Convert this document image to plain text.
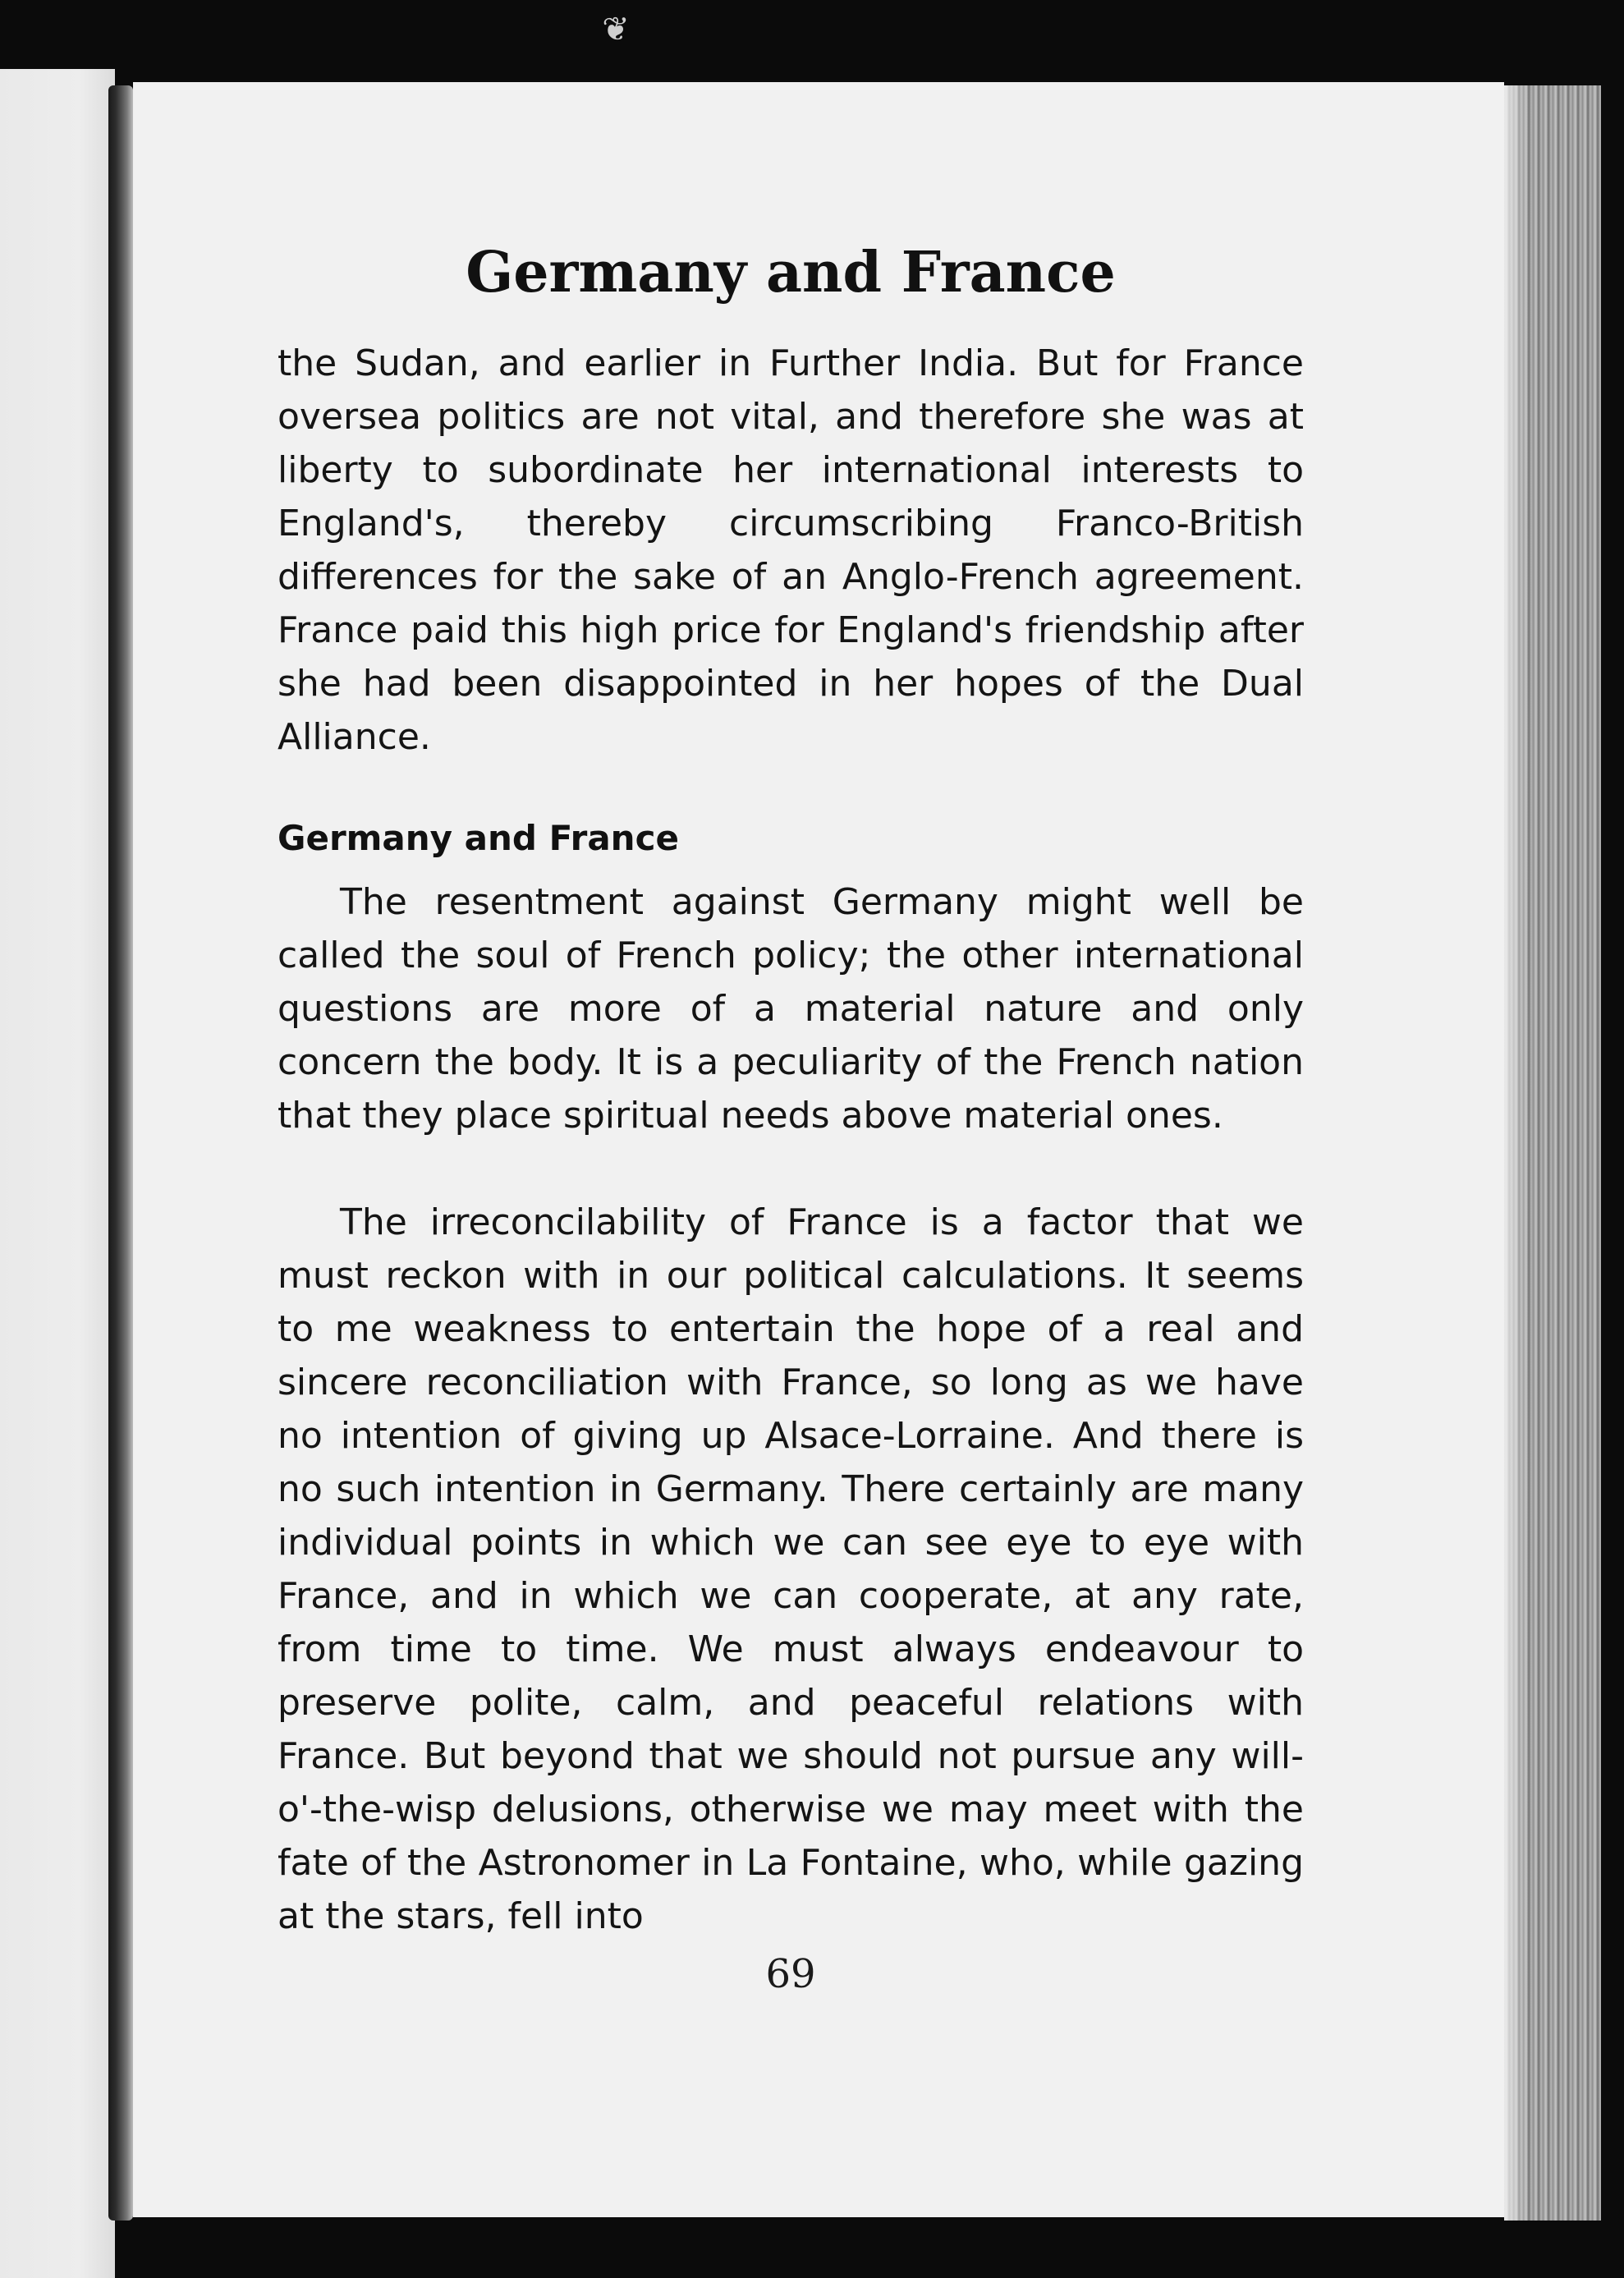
❦
Germany and France

the Sudan, and earlier in Further India. But for France oversea politics are not vital, and therefore she was at liberty to subordinate her international interests to England's, thereby circumscribing Franco-British differences for the sake of an Anglo-French agreement. France paid this high price for England's friendship after she had been disappointed in her hopes of the Dual Alliance.

Germany and France

The resentment against Germany might well be called the soul of French policy; the other international questions are more of a material nature and only concern the body. It is a peculiarity of the French nation that they place spiritual needs above material ones.

The irreconcilability of France is a factor that we must reckon with in our political calculations. It seems to me weakness to entertain the hope of a real and sincere reconciliation with France, so long as we have no intention of giving up Alsace-Lorraine. And there is no such intention in Germany. There certainly are many individual points in which we can see eye to eye with France, and in which we can cooperate, at any rate, from time to time. We must always endeavour to preserve polite, calm, and peaceful relations with France. But beyond that we should not pursue any will-o'-the-wisp delusions, otherwise we may meet with the fate of the Astronomer in La Fontaine, who, while gazing at the stars, fell into

69
